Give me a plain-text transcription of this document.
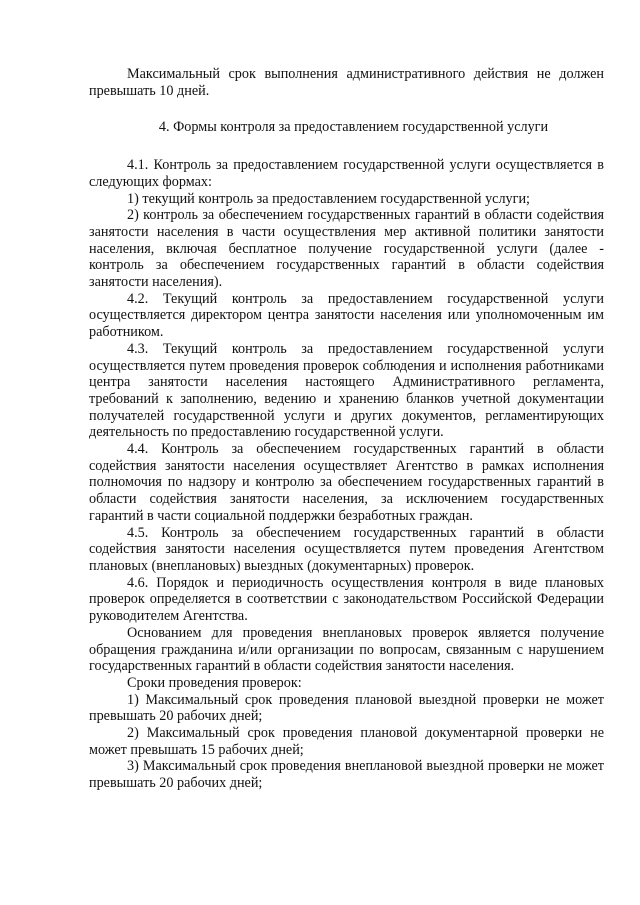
Максимальный срок выполнения административного действия не должен превышать 10 дней.

4. Формы контроля за предоставлением государственной услуги

4.1. Контроль за предоставлением государственной услуги осуществляется в следующих формах:

1) текущий контроль за предоставлением государственной услуги;

2) контроль за обеспечением государственных гарантий в области содействия занятости населения в части осуществления мер активной политики занятости населения, включая бесплатное получение государственной услуги (далее - контроль за обеспечением государственных гарантий в области содействия занятости населения).

4.2. Текущий контроль за предоставлением государственной услуги осуществляется директором центра занятости населения или уполномоченным им работником.

4.3. Текущий контроль за предоставлением государственной услуги осуществляется путем проведения проверок соблюдения и исполнения работниками центра занятости населения настоящего Административного регламента, требований к заполнению, ведению и хранению бланков учетной документации получателей государственной услуги и других документов, регламентирующих деятельность по предоставлению государственной услуги.

4.4. Контроль за обеспечением государственных гарантий в области содействия занятости населения осуществляет Агентство в рамках исполнения полномочия по надзору и контролю за обеспечением государственных гарантий в области содействия занятости населения, за исключением государственных гарантий в части социальной поддержки безработных граждан.

4.5. Контроль за обеспечением государственных гарантий в области содействия занятости населения осуществляется путем проведения Агентством плановых (внеплановых) выездных (документарных) проверок.

4.6. Порядок и периодичность осуществления контроля в виде плановых проверок определяется в соответствии с законодательством Российской Федерации руководителем Агентства.

Основанием для проведения внеплановых проверок является получение обращения гражданина и/или организации по вопросам, связанным с нарушением государственных гарантий в области содействия занятости населения.

Сроки проведения проверок:

1) Максимальный срок проведения плановой выездной проверки не может превышать 20 рабочих дней;

2) Максимальный срок проведения плановой документарной проверки не может превышать 15 рабочих дней;

3) Максимальный срок проведения внеплановой выездной проверки не может превышать 20 рабочих дней;
